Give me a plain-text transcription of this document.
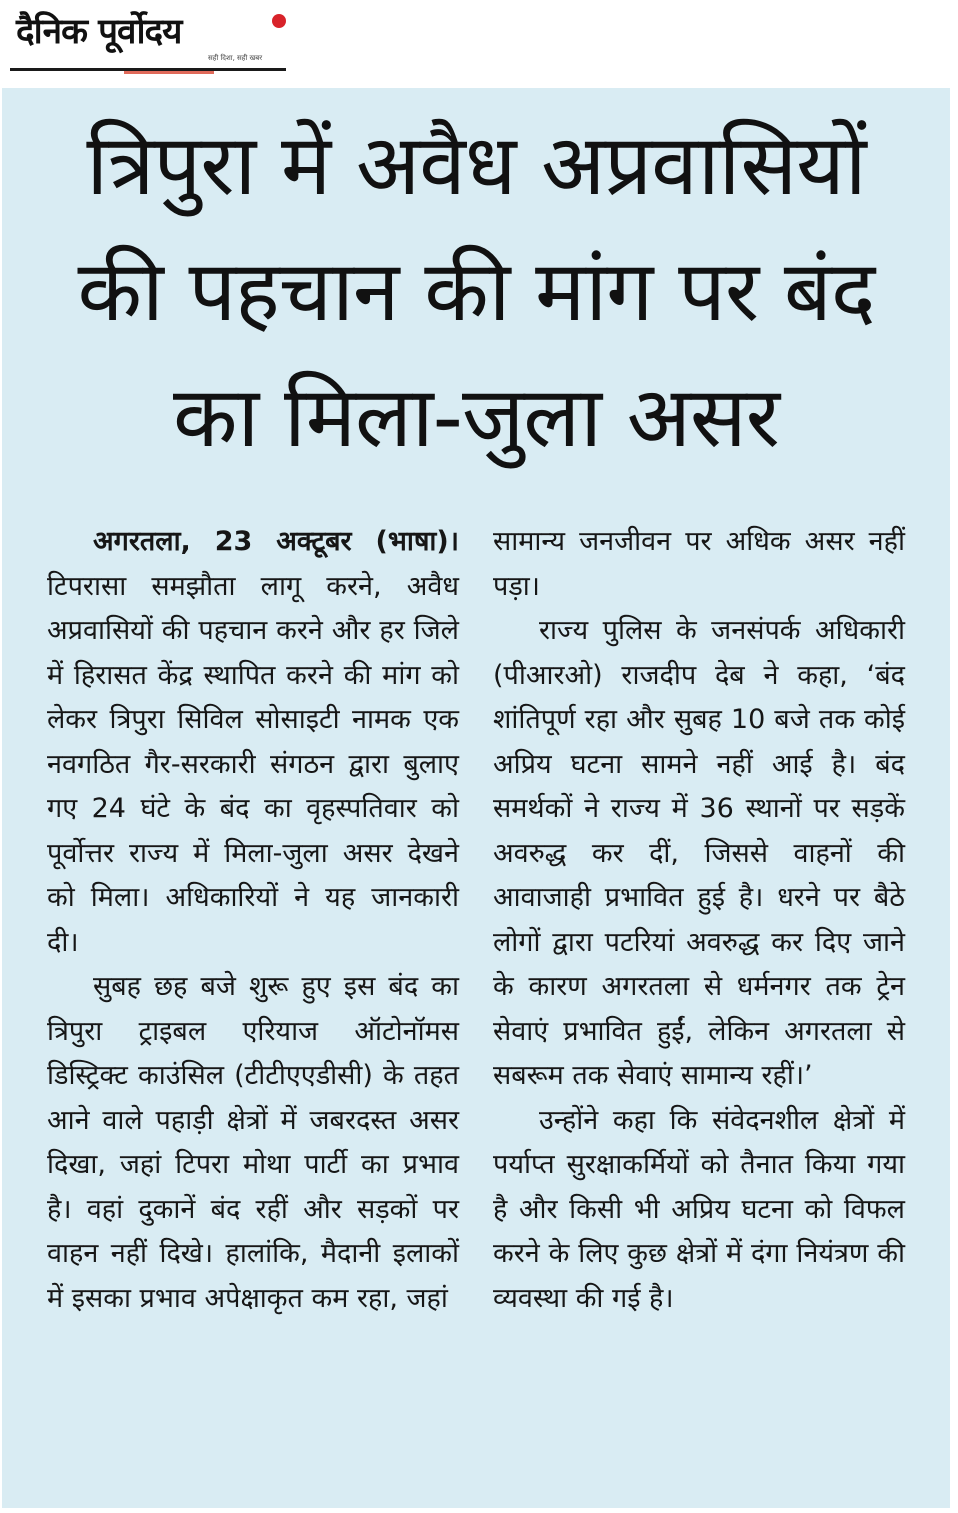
दैनिक पूर्वोदय
सही दिशा, सही खबर
त्रिपुरा में अवैध अप्रवासियों
की पहचान की मांग पर बंद
का मिला-जुला असर

अगरतला, 23 अक्टूबर (भाषा)। टिपरासा समझौता लागू करने, अवैध अप्रवासियों की पहचान करने और हर जिले में हिरासत केंद्र स्थापित करने की मांग को लेकर त्रिपुरा सिविल सोसाइटी नामक एक नवगठित गैर-सरकारी संगठन द्वारा बुलाए गए 24 घंटे के बंद का वृहस्पतिवार को पूर्वोत्तर राज्य में मिला-जुला असर देखने को मिला। अधिकारियों ने यह जानकारी दी।

सुबह छह बजे शुरू हुए इस बंद का त्रिपुरा ट्राइबल एरियाज ऑटोनॉमस डिस्ट्रिक्ट काउंसिल (टीटीएएडीसी) के तहत आने वाले पहाड़ी क्षेत्रों में जबरदस्त असर दिखा, जहां टिपरा मोथा पार्टी का प्रभाव है। वहां दुकानें बंद रहीं और सड़कों पर वाहन नहीं दिखे। हालांकि, मैदानी इलाकों में इसका प्रभाव अपेक्षाकृत कम रहा, जहां

सामान्य जनजीवन पर अधिक असर नहीं पड़ा।

राज्य पुलिस के जनसंपर्क अधिकारी (पीआरओ) राजदीप देब ने कहा, ‘बंद शांतिपूर्ण रहा और सुबह 10 बजे तक कोई अप्रिय घटना सामने नहीं आई है। बंद समर्थकों ने राज्य में 36 स्थानों पर सड़कें अवरुद्ध कर दीं, जिससे वाहनों की आवाजाही प्रभावित हुई है। धरने पर बैठे लोगों द्वारा पटरियां अवरुद्ध कर दिए जाने के कारण अगरतला से धर्मनगर तक ट्रेन सेवाएं प्रभावित हुईं, लेकिन अगरतला से सबरूम तक सेवाएं सामान्य रहीं।’

उन्होंने कहा कि संवेदनशील क्षेत्रों में पर्याप्त सुरक्षाकर्मियों को तैनात किया गया है और किसी भी अप्रिय घटना को विफल करने के लिए कुछ क्षेत्रों में दंगा नियंत्रण की व्यवस्था की गई है।
